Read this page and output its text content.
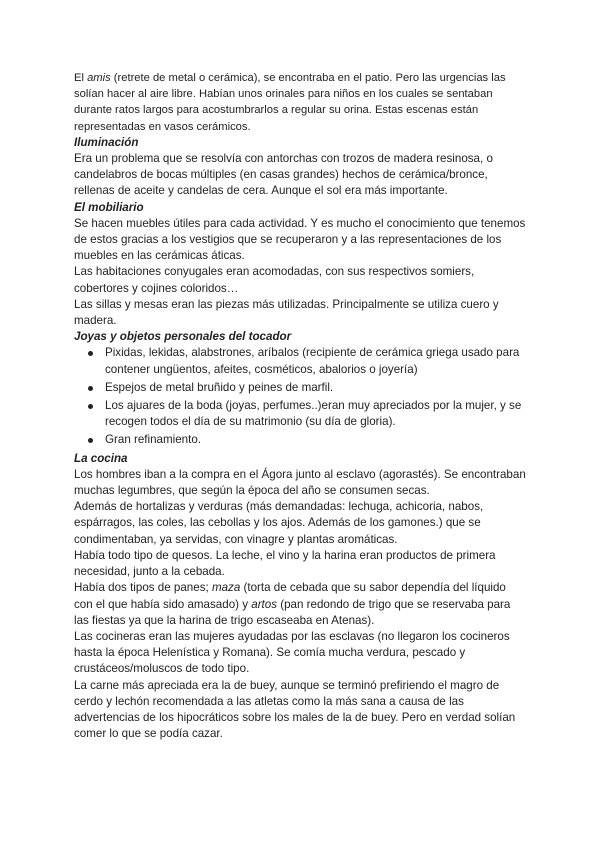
El amis (retrete de metal o cerámica), se encontraba en el patio. Pero las urgencias las solían hacer al aire libre. Habían unos orinales para niños en los cuales se sentaban durante ratos largos para acostumbrarlos a regular su orina. Estas escenas están representadas en vasos cerámicos.

Iluminación

Era un problema que se resolvía con antorchas con trozos de madera resinosa, o candelabros de bocas múltiples (en casas grandes) hechos de cerámica/bronce, rellenas de aceite y candelas de cera. Aunque el sol era más importante.

El mobiliario

Se hacen muebles útiles para cada actividad. Y es mucho el conocimiento que tenemos de estos gracias a los vestigios que se recuperaron y a las representaciones de los muebles en las cerámicas áticas.

Las habitaciones conyugales eran acomodadas, con sus respectivos somiers, cobertores y cojines coloridos…

Las sillas y mesas eran las piezas más utilizadas. Principalmente se utiliza cuero y madera.

Joyas y objetos personales del tocador

Pixidas, lekidas, alabstrones, aríbalos (recipiente de cerámica griega usado para contener ungüentos, afeites, cosméticos, abalorios o joyería)
Espejos de metal bruñido y peines de marfil.
Los ajuares de la boda (joyas, perfumes..)eran muy apreciados por la mujer, y se recogen todos el día de su matrimonio (su día de gloria).
Gran refinamiento.

La cocina

Los hombres iban a la compra en el Ágora junto al esclavo (agorastés). Se encontraban muchas legumbres, que según la época del año se consumen secas.

Además de hortalizas y verduras (más demandadas: lechuga, achicoria, nabos, espárragos, las coles, las cebollas y los ajos. Además de los gamones.) que se condimentaban, ya servidas, con vinagre y plantas aromáticas.

Había todo tipo de quesos. La leche, el vino y la harina eran productos de primera necesidad, junto a la cebada.

Había dos tipos de panes; maza (torta de cebada que su sabor dependía del líquido con el que había sido amasado) y artos (pan redondo de trigo que se reservaba para las fiestas ya que la harina de trigo escaseaba en Atenas).

Las cocineras eran las mujeres ayudadas por las esclavas (no llegaron los cocineros hasta la época Helenística y Romana). Se comía mucha verdura, pescado y crustáceos/moluscos de todo tipo.

La carne más apreciada era la de buey, aunque se terminó prefiriendo el magro de cerdo y lechón recomendada a las atletas como la más sana a causa de las advertencias de los hipocráticos sobre los males de la de buey. Pero en verdad solían comer lo que se podía cazar.
